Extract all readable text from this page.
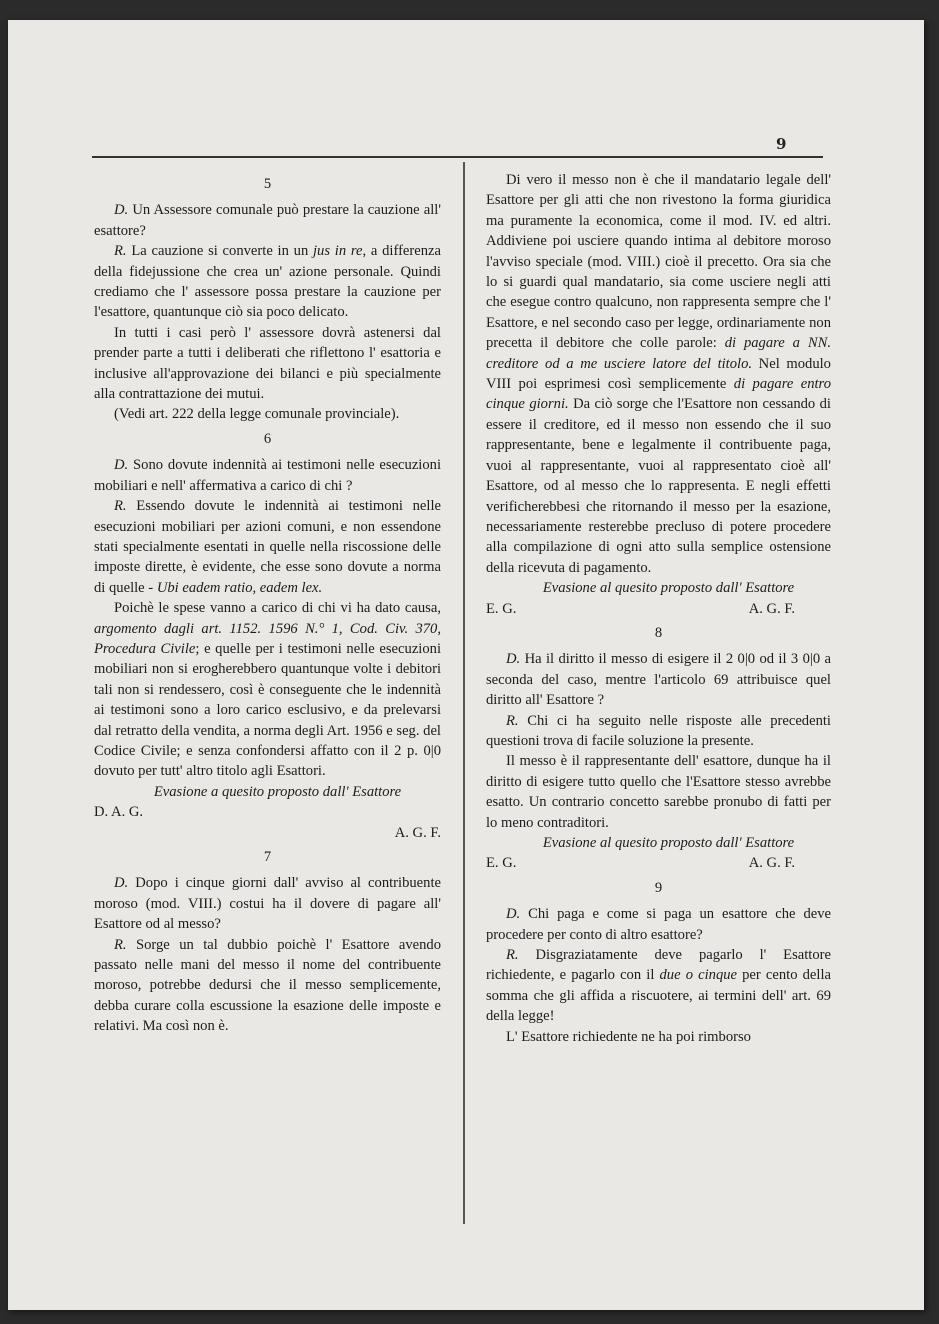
9
5

D. Un Assessore comunale può prestare la cauzione all' esattore?

R. La cauzione si converte in un jus in re, a differenza della fidejussione che crea un' azione personale. Quindi crediamo che l' assessore possa prestare la cauzione per l'esattore, quantunque ciò sia poco delicato.

In tutti i casi però l' assessore dovrà astenersi dal prender parte a tutti i deliberati che riflettono l' esattoria e inclusive all'approvazione dei bilanci e più specialmente alla contrattazione dei mutui.

(Vedi art. 222 della legge comunale provinciale).

6

D. Sono dovute indennità ai testimoni nelle esecuzioni mobiliari e nell' affermativa a carico di chi ?

R. Essendo dovute le indennità ai testimoni nelle esecuzioni mobiliari per azioni comuni, e non essendone stati specialmente esentati in quelle nella riscossione delle imposte dirette, è evidente, che esse sono dovute a norma di quelle - Ubi eadem ratio, eadem lex.

Poichè le spese vanno a carico di chi vi ha dato causa, argomento dagli art. 1152. 1596 N.° 1, Cod. Civ. 370, Procedura Civile; e quelle per i testimoni nelle esecuzioni mobiliari non si erogherebbero quantunque volte i debitori tali non si rendessero, così è conseguente che le indennità ai testimoni sono a loro carico esclusivo, e da prelevarsi dal retratto della vendita, a norma degli Art. 1956 e seg. del Codice Civile; e senza confondersi affatto con il 2 p. 0|0 dovuto per tutt' altro titolo agli Esattori.

Evasione a quesito proposto dall' Esattore

D. A. G.

A. G. F.

7

D. Dopo i cinque giorni dall' avviso al contribuente moroso (mod. VIII.) costui ha il dovere di pagare all' Esattore od al messo?

R. Sorge un tal dubbio poichè l' Esattore avendo passato nelle mani del messo il nome del contribuente moroso, potrebbe dedursi che il messo semplicemente, debba curare colla escussione la esazione delle imposte e relativi. Ma così non è.

Di vero il messo non è che il mandatario legale dell' Esattore per gli atti che non rivestono la forma giuridica ma puramente la economica, come il mod. IV. ed altri. Addiviene poi usciere quando intima al debitore moroso l'avviso speciale (mod. VIII.) cioè il precetto. Ora sia che lo si guardi qual mandatario, sia come usciere negli atti che esegue contro qualcuno, non rappresenta sempre che l' Esattore, e nel secondo caso per legge, ordinariamente non precetta il debitore che colle parole: di pagare a NN. creditore od a me usciere latore del titolo. Nel modulo VIII poi esprimesi così semplicemente di pagare entro cinque giorni. Da ciò sorge che l'Esattore non cessando di essere il creditore, ed il messo non essendo che il suo rappresentante, bene e legalmente il contribuente paga, vuoi al rappresentante, vuoi al rappresentato cioè all' Esattore, od al messo che lo rappresenta. E negli effetti verificherebbesi che ritornando il messo per la esazione, necessariamente resterebbe precluso di potere procedere alla compilazione di ogni atto sulla semplice ostensione della ricevuta di pagamento.

Evasione al quesito proposto dall' Esattore

E. G.	A. G. F.
8

D. Ha il diritto il messo di esigere il 2 0|0 od il 3 0|0 a seconda del caso, mentre l'articolo 69 attribuisce quel diritto all' Esattore ?

R. Chi ci ha seguito nelle risposte alle precedenti questioni trova di facile soluzione la presente.

Il messo è il rappresentante dell' esattore, dunque ha il diritto di esigere tutto quello che l'Esattore stesso avrebbe esatto. Un contrario concetto sarebbe pronubo di fatti per lo meno contraditori.

Evasione al quesito proposto dall' Esattore

E. G.	A. G. F.
9

D. Chi paga e come si paga un esattore che deve procedere per conto di altro esattore?

R. Disgraziatamente deve pagarlo l' Esattore richiedente, e pagarlo con il due o cinque per cento della somma che gli affida a riscuotere, ai termini dell' art. 69 della legge!

L' Esattore richiedente ne ha poi rimborso
